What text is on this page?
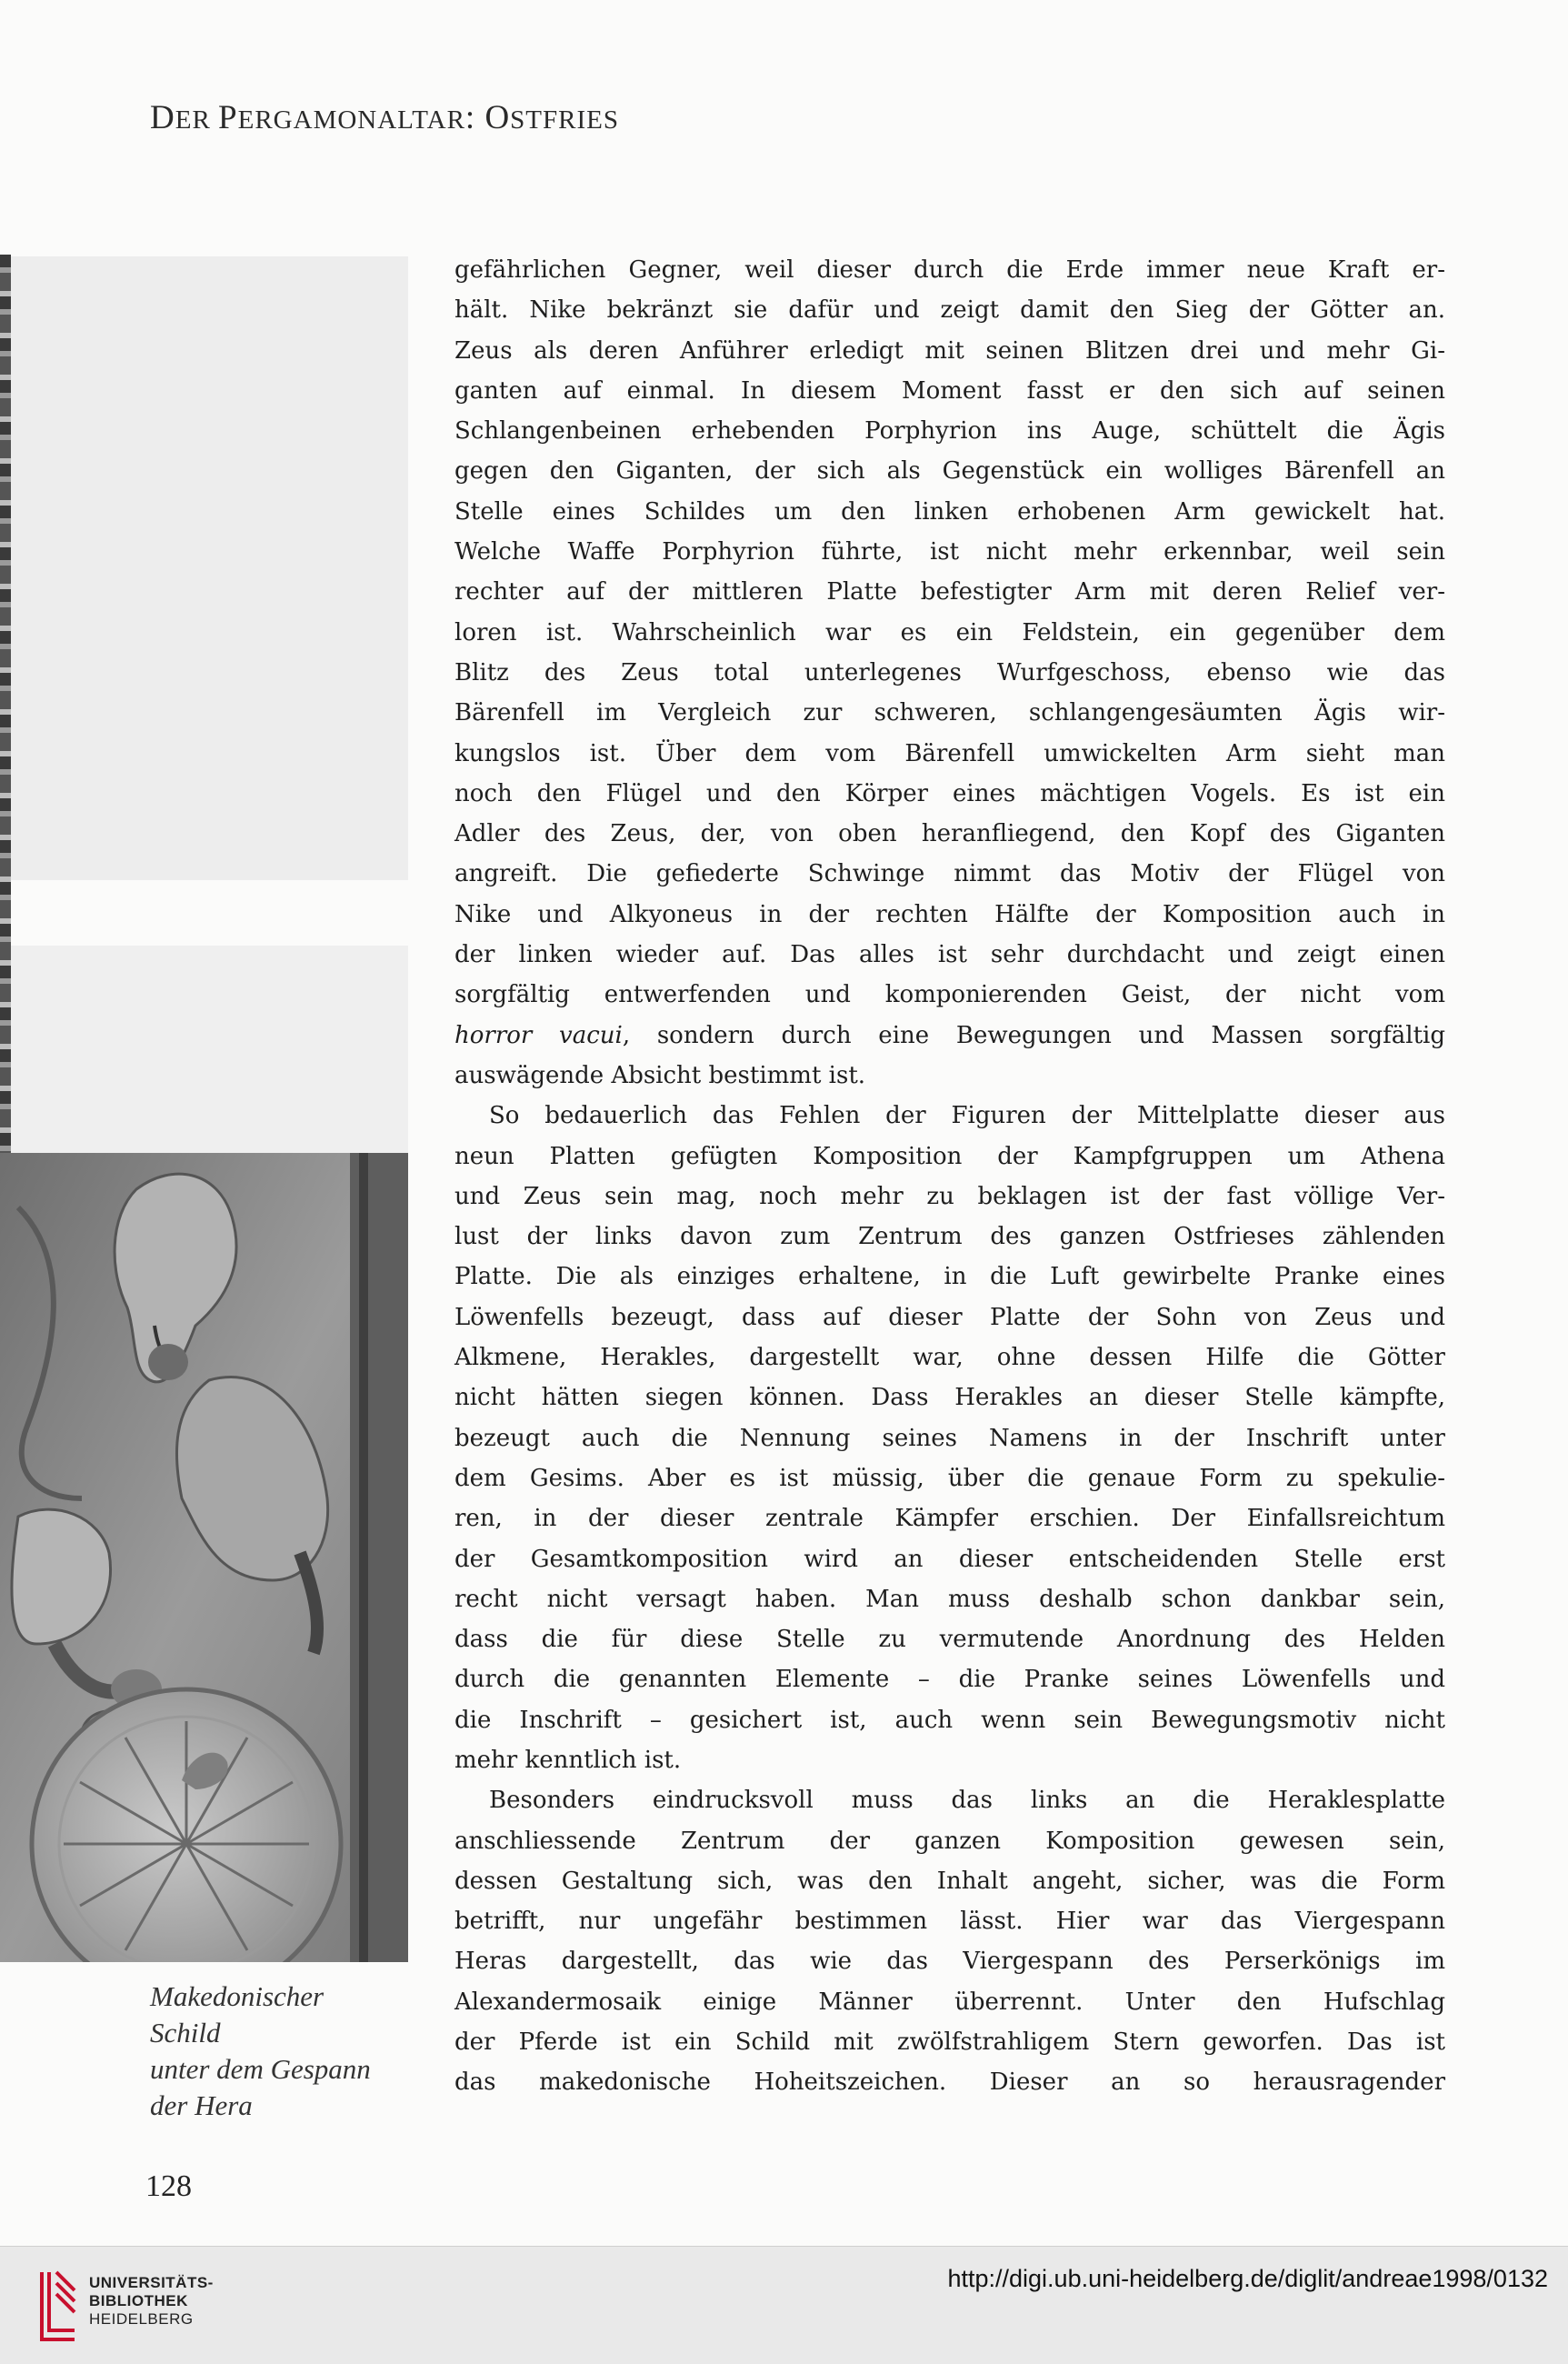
DER PERGAMONALTAR: OSTFRIES

Makedonischer
Schild
unter dem Gespann
der Hera

gefährlichen Gegner, weil dieser durch die Erde immer neue Kraft er-
hält. Nike bekränzt sie dafür und zeigt damit den Sieg der Götter an.
Zeus als deren Anführer erledigt mit seinen Blitzen drei und mehr Gi-
ganten auf einmal. In diesem Moment fasst er den sich auf seinen
Schlangenbeinen erhebenden Porphyrion ins Auge, schüttelt die Ägis
gegen den Giganten, der sich als Gegenstück ein wolliges Bärenfell an
Stelle eines Schildes um den linken erhobenen Arm gewickelt hat.
Welche Waffe Porphyrion führte, ist nicht mehr erkennbar, weil sein
rechter auf der mittleren Platte befestigter Arm mit deren Relief ver-
loren ist. Wahrscheinlich war es ein Feldstein, ein gegenüber dem
Blitz des Zeus total unterlegenes Wurfgeschoss, ebenso wie das
Bärenfell im Vergleich zur schweren, schlangengesäumten Ägis wir-
kungslos ist. Über dem vom Bärenfell umwickelten Arm sieht man
noch den Flügel und den Körper eines mächtigen Vogels. Es ist ein
Adler des Zeus, der, von oben heranfliegend, den Kopf des Giganten
angreift. Die gefiederte Schwinge nimmt das Motiv der Flügel von
Nike und Alkyoneus in der rechten Hälfte der Komposition auch in
der linken wieder auf. Das alles ist sehr durchdacht und zeigt einen
sorgfältig entwerfenden und komponierenden Geist, der nicht vom
horror vacui, sondern durch eine Bewegungen und Massen sorgfältig
auswägende Absicht bestimmt ist.

So bedauerlich das Fehlen der Figuren der Mittelplatte dieser aus
neun Platten gefügten Komposition der Kampfgruppen um Athena
und Zeus sein mag, noch mehr zu beklagen ist der fast völlige Ver-
lust der links davon zum Zentrum des ganzen Ostfrieses zählenden
Platte. Die als einziges erhaltene, in die Luft gewirbelte Pranke eines
Löwenfells bezeugt, dass auf dieser Platte der Sohn von Zeus und
Alkmene, Herakles, dargestellt war, ohne dessen Hilfe die Götter
nicht hätten siegen können. Dass Herakles an dieser Stelle kämpfte,
bezeugt auch die Nennung seines Namens in der Inschrift unter
dem Gesims. Aber es ist müssig, über die genaue Form zu spekulie-
ren, in der dieser zentrale Kämpfer erschien. Der Einfallsreichtum
der Gesamtkomposition wird an dieser entscheidenden Stelle erst
recht nicht versagt haben. Man muss deshalb schon dankbar sein,
dass die für diese Stelle zu vermutende Anordnung des Helden
durch die genannten Elemente – die Pranke seines Löwenfells und
die Inschrift – gesichert ist, auch wenn sein Bewegungsmotiv nicht
mehr kenntlich ist.

Besonders eindrucksvoll muss das links an die Heraklesplatte
anschliessende Zentrum der ganzen Komposition gewesen sein,
dessen Gestaltung sich, was den Inhalt angeht, sicher, was die Form
betrifft, nur ungefähr bestimmen lässt. Hier war das Viergespann
Heras dargestellt, das wie das Viergespann des Perserkönigs im
Alexandermosaik einige Männer überrennt. Unter den Hufschlag
der Pferde ist ein Schild mit zwölfstrahligem Stern geworfen. Das ist
das makedonische Hoheitszeichen. Dieser an so herausragender

128

UNIVERSITÄTS-
BIBLIOTHEK
HEIDELBERG
http://digi.ub.uni-heidelberg.de/diglit/andreae1998/0132
